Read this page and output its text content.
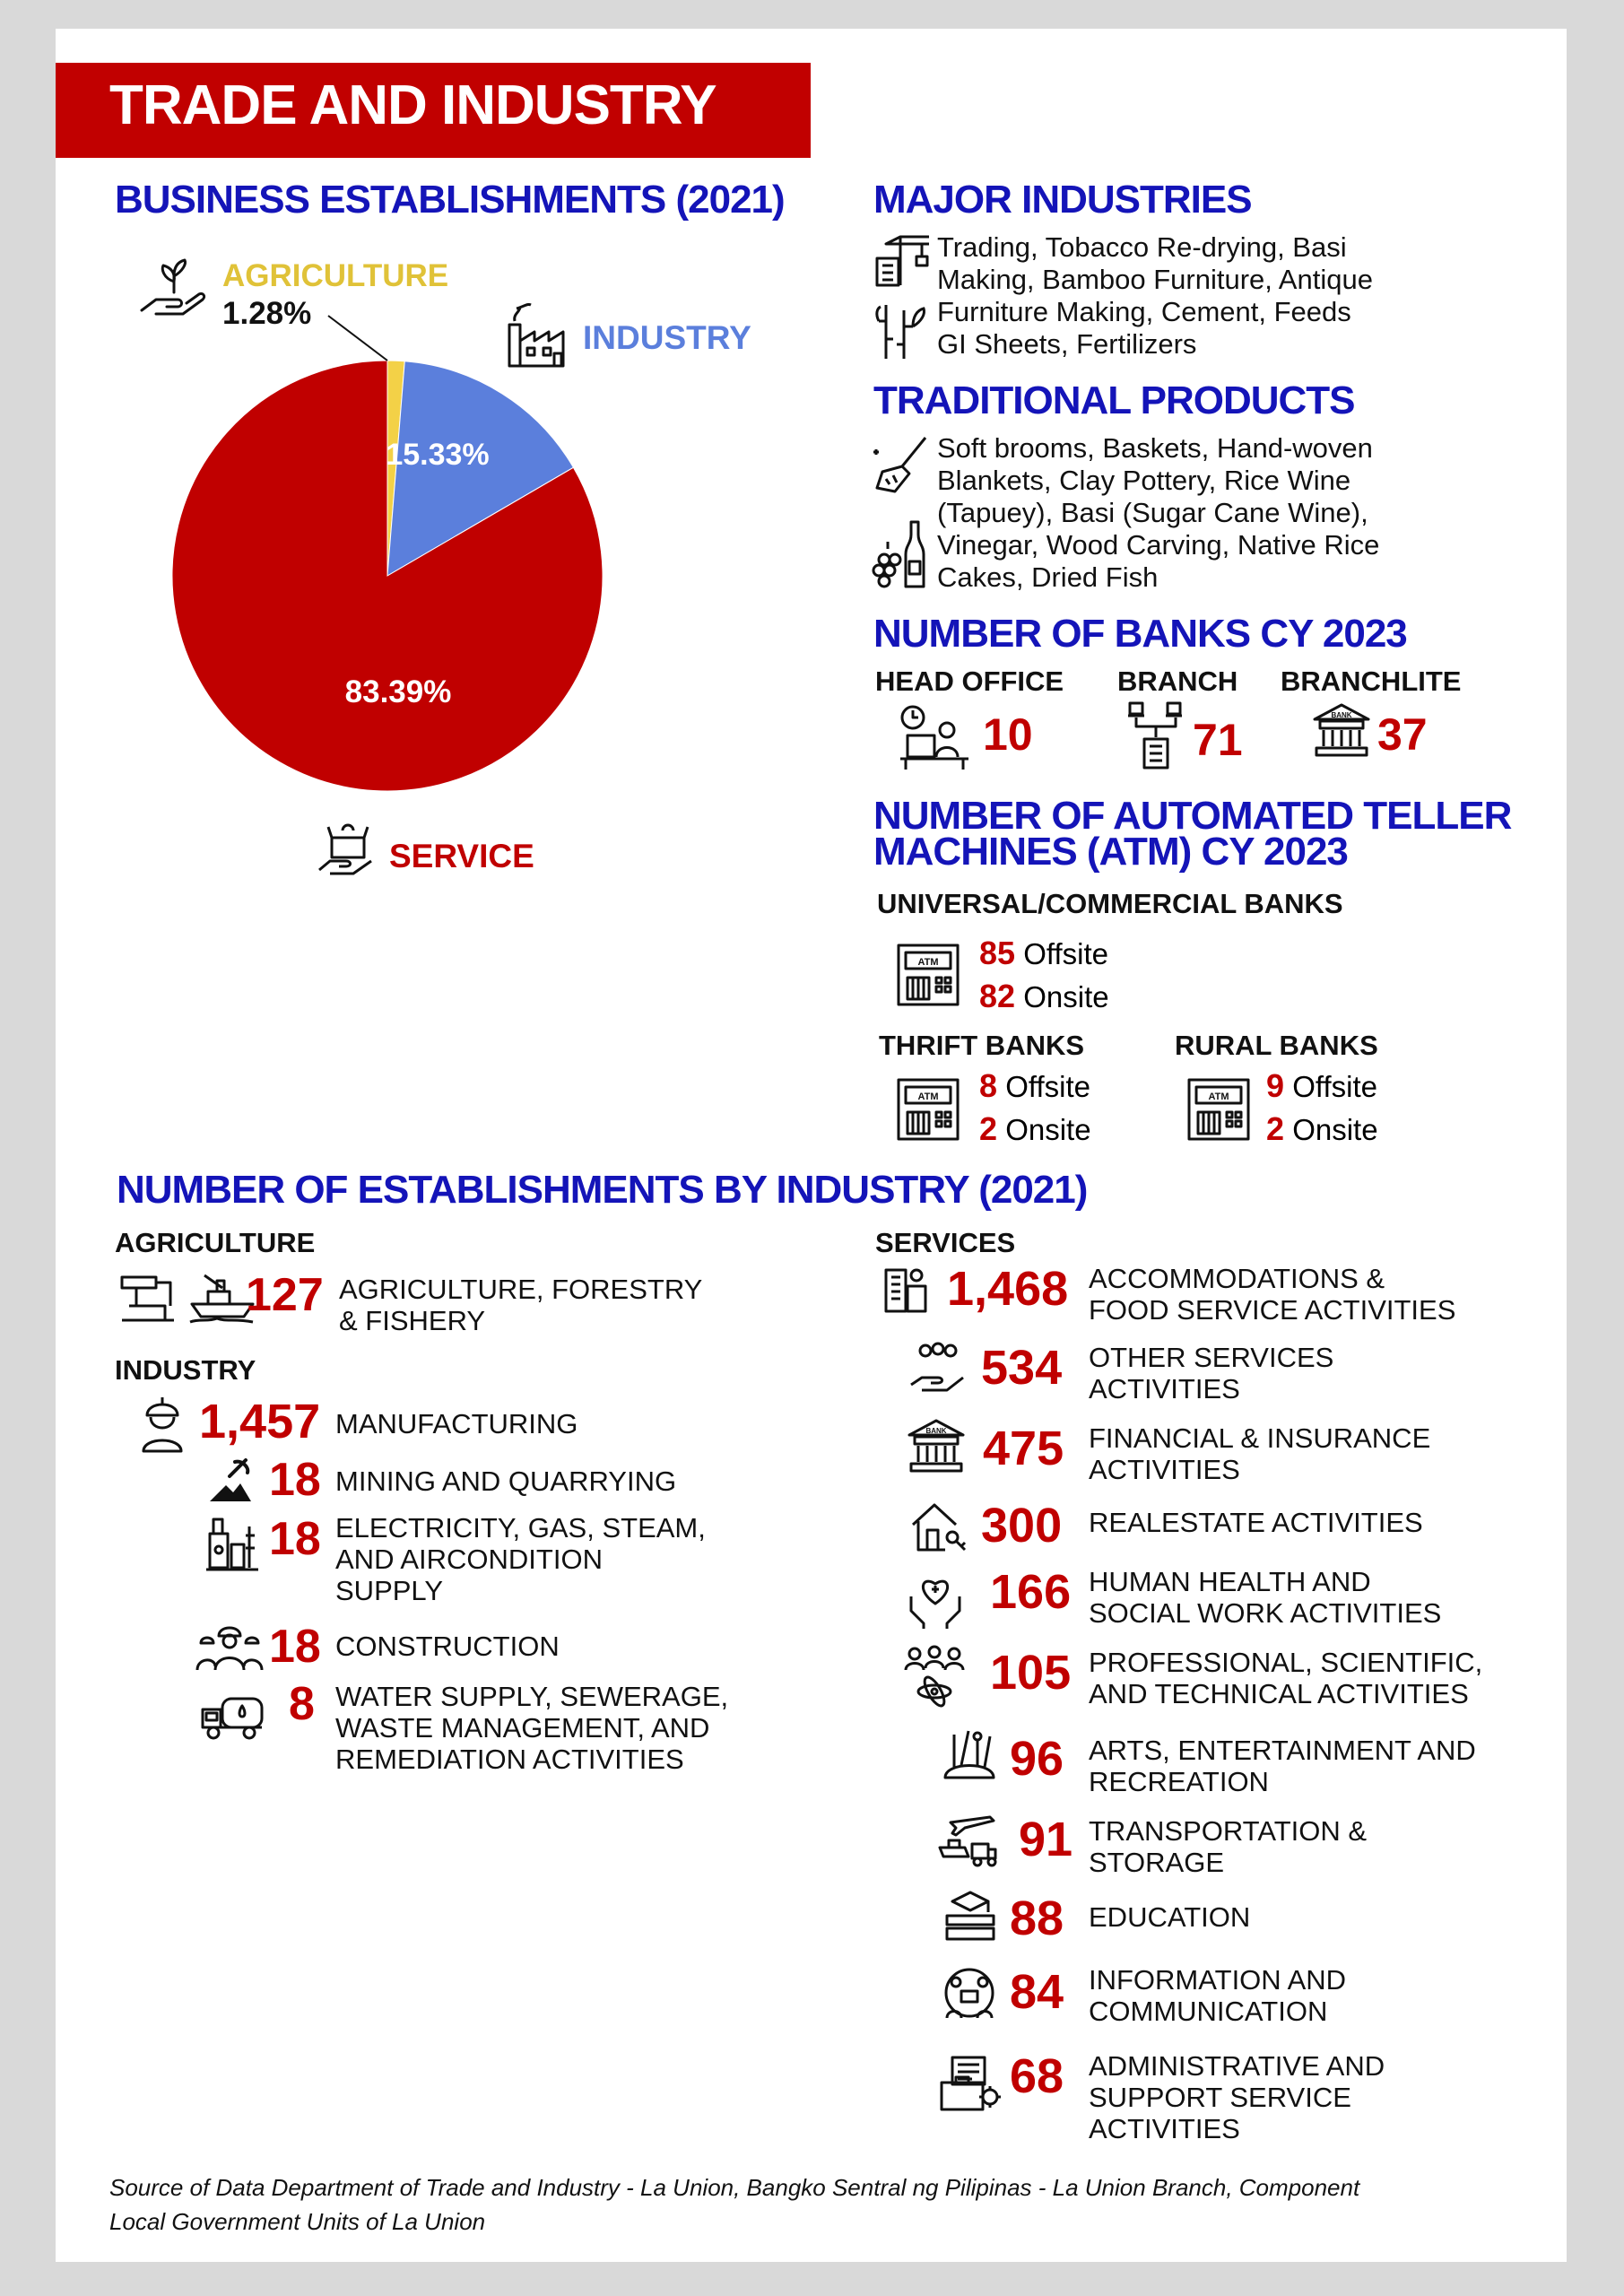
TRADE AND INDUSTRY
BUSINESS ESTABLISHMENTS (2021)
15.33%
83.39%
AGRICULTURE
1.28%
INDUSTRY
SERVICE
MAJOR INDUSTRIES
Trading, Tobacco Re-drying, Basi
Making, Bamboo Furniture, Antique
Furniture Making, Cement, Feeds
GI Sheets, Fertilizers
TRADITIONAL PRODUCTS
Soft brooms, Baskets, Hand-woven
Blankets, Clay Pottery, Rice Wine
(Tapuey), Basi (Sugar Cane Wine),
Vinegar, Wood Carving, Native Rice
Cakes, Dried Fish
NUMBER OF BANKS CY 2023
HEAD OFFICE BRANCH BRANCHLITE
10	71	BANK 37
NUMBER OF AUTOMATED TELLER
MACHINES (ATM) CY 2023
UNIVERSAL/COMMERCIAL BANKS
ATM 85 Offsite
82 Onsite
THRIFT BANKS	RURAL BANKS
ATM 8 Offsite
2 Onsite
ATM 9 Offsite
2 Onsite
NUMBER OF ESTABLISHMENTS BY INDUSTRY (2021)
AGRICULTURE
127 AGRICULTURE, FORESTRY
& FISHERY
INDUSTRY
1,457 MANUFACTURING
18 MINING AND QUARRYING
18 ELECTRICITY, GAS, STEAM,
AND AIRCONDITION
SUPPLY
18 CONSTRUCTION
8 WATER SUPPLY, SEWERAGE,
WASTE MANAGEMENT, AND
REMEDIATION ACTIVITIES
SERVICES
1,468 ACCOMMODATIONS &
FOOD SERVICE ACTIVITIES
534 OTHER SERVICES
ACTIVITIES
BANK 475 FINANCIAL & INSURANCE
ACTIVITIES
300 REALESTATE ACTIVITIES
166 HUMAN HEALTH AND
SOCIAL WORK ACTIVITIES
105 PROFESSIONAL, SCIENTIFIC,
AND TECHNICAL ACTIVITIES
96 ARTS, ENTERTAINMENT AND
RECREATION
91 TRANSPORTATION &
STORAGE
88 EDUCATION
84 INFORMATION AND
COMMUNICATION
68 ADMINISTRATIVE AND
SUPPORT SERVICE
ACTIVITIES
Source of Data Department of Trade and Industry - La Union, Bangko Sentral ng Pilipinas - La Union Branch, Component
Local Government Units of La Union
